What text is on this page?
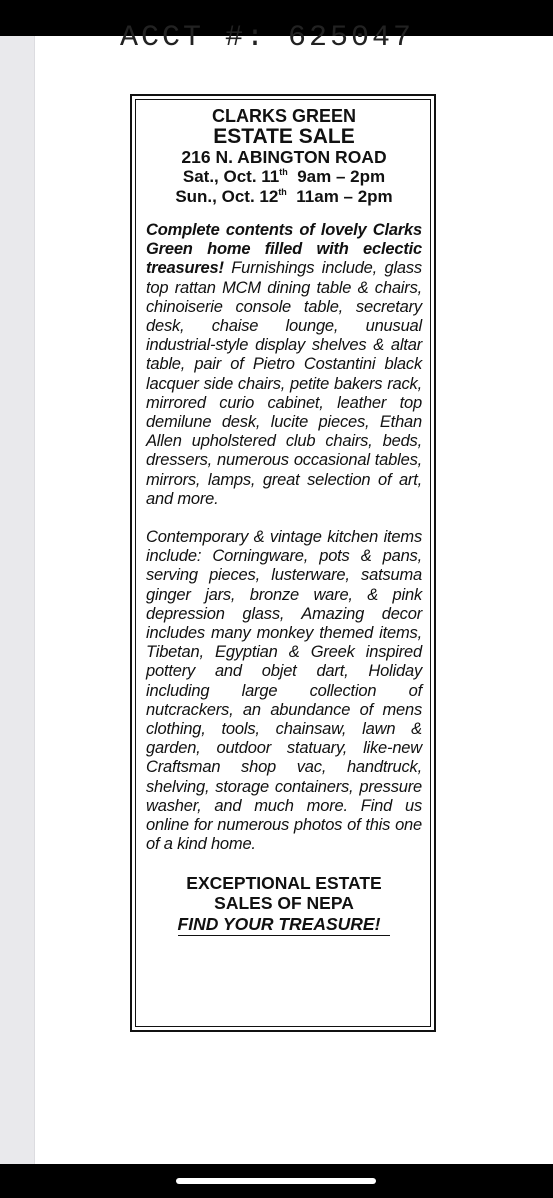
ACCT #: 625047
CLARKS GREEN
ESTATE SALE
216 N. ABINGTON ROAD
Sat., Oct. 11th 9am – 2pm
Sun., Oct. 12th 11am – 2pm
Complete contents of lovely Clarks Green home filled with eclectic treasures! Furnishings include, glass top rattan MCM dining table & chairs, chinoiserie console table, secretary desk, chaise lounge, unusual industrial-style display shelves & altar table, pair of Pietro Costantini black lacquer side chairs, petite bakers rack, mirrored curio cabinet, leather top demilune desk, lucite pieces, Ethan Allen upholstered club chairs, beds, dressers, numerous occasional tables, mirrors, lamps, great selection of art, and more.
Contemporary & vintage kitchen items include: Corningware, pots & pans, serving pieces, lusterware, satsuma ginger jars, bronze ware, & pink depression glass, Amazing decor includes many monkey themed items, Tibetan, Egyptian & Greek inspired pottery and objet dart, Holiday including large collection of nutcrackers, an abundance of mens clothing, tools, chainsaw, lawn & garden, outdoor statuary, like-new Craftsman shop vac, handtruck, shelving, storage containers, pressure washer, and much more. Find us online for numerous photos of this one of a kind home.
EXCEPTIONAL ESTATE
SALES OF NEPA
FIND YOUR TREASURE!
